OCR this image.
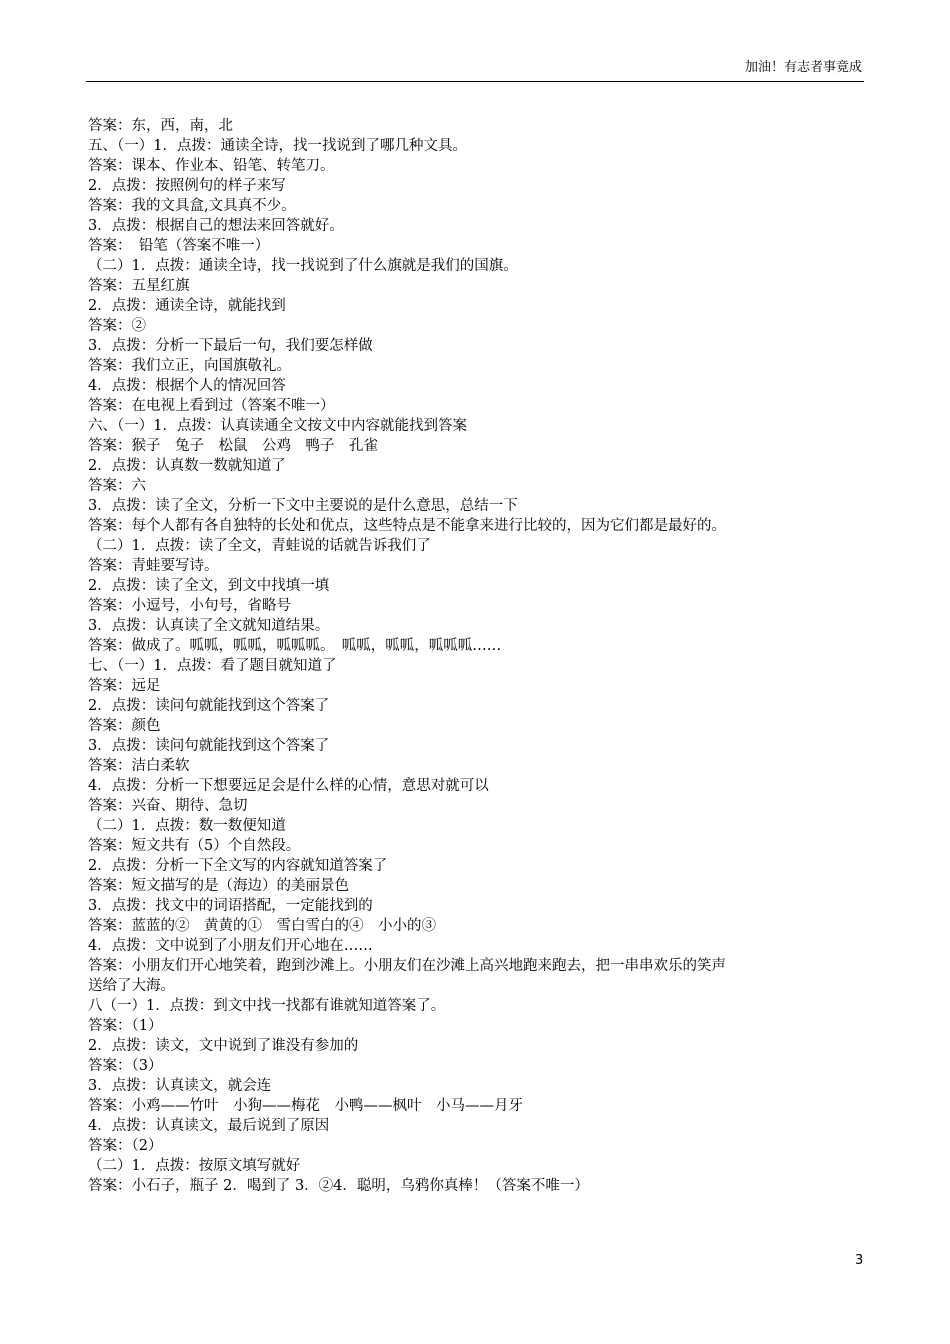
加油！有志者事竟成
答案：东，西，南，北
五、（一）1．点拨：通读全诗，找一找说到了哪几种文具。
答案：课本、作业本、铅笔、转笔刀。
2．点拨：按照例句的样子来写
答案：我的文具盒,文具真不少。
3．点拨：根据自己的想法来回答就好。
答案：　铅笔（答案不唯一）
（二）1．点拨：通读全诗，找一找说到了什么旗就是我们的国旗。
答案：五星红旗
2．点拨：通读全诗，就能找到
答案：②
3．点拨：分析一下最后一句，我们要怎样做
答案：我们立正，向国旗敬礼。
4．点拨：根据个人的情况回答
答案：在电视上看到过（答案不唯一）
六、（一）1．点拨：认真读通全文按文中内容就能找到答案
答案：猴子　兔子　松鼠　公鸡　鸭子　孔雀
2．点拨：认真数一数就知道了
答案：六
3．点拨：读了全文，分析一下文中主要说的是什么意思，总结一下
答案：每个人都有各自独特的长处和优点，这些特点是不能拿来进行比较的，因为它们都是最好的。
（二）1．点拨：读了全文，青蛙说的话就告诉我们了
答案：青蛙要写诗。
2．点拨：读了全文，到文中找填一填
答案：小逗号，小句号，省略号
3．点拨：认真读了全文就知道结果。
答案：做成了。呱呱，呱呱，呱呱呱。　呱呱，呱呱，呱呱呱……
七、（一）1．点拨：看了题目就知道了
答案：远足
2．点拨：读问句就能找到这个答案了
答案：颜色
3．点拨：读问句就能找到这个答案了
答案：洁白柔软
4．点拨：分析一下想要远足会是什么样的心情，意思对就可以
答案：兴奋、期待、急切
（二）1．点拨：数一数便知道
答案：短文共有（5）个自然段。
2．点拨：分析一下全文写的内容就知道答案了
答案：短文描写的是（海边）的美丽景色
3．点拨：找文中的词语搭配，一定能找到的
答案：蓝蓝的②　黄黄的①　雪白雪白的④　小小的③
4．点拨：文中说到了小朋友们开心地在……
答案：小朋友们开心地笑着，跑到沙滩上。小朋友们在沙滩上高兴地跑来跑去，把一串串欢乐的笑声
送给了大海。
八（一）1．点拨：到文中找一找都有谁就知道答案了。
答案：（1）
2．点拨：读文，文中说到了谁没有参加的
答案：（3）
3．点拨：认真读文，就会连
答案：小鸡——竹叶　小狗——梅花　小鸭——枫叶　小马——月牙
4．点拨：认真读文，最后说到了原因
答案：（2）
（二）1．点拨：按原文填写就好
答案：小石子，瓶子 2．喝到了 3．②4．聪明，乌鸦你真棒！（答案不唯一）
3
